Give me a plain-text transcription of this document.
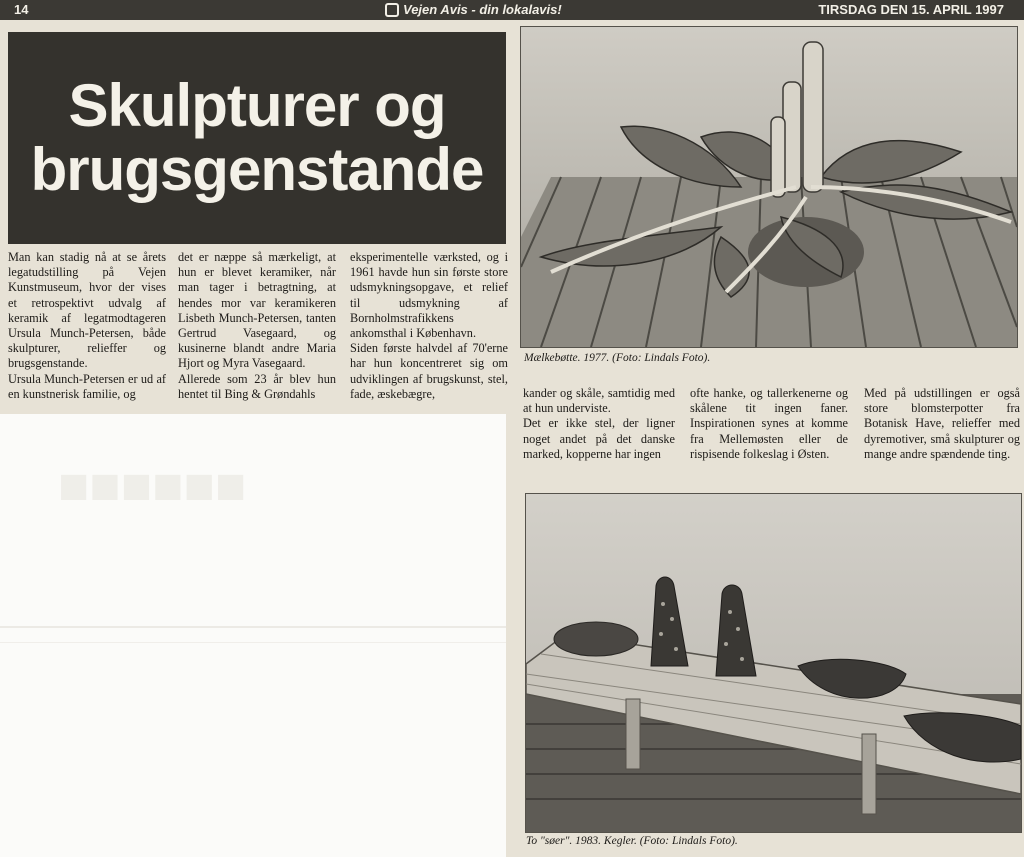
14	Vejen Avis - din lokalavis!	TIRSDAG DEN 15. APRIL 1997
Skulpturer og
brugsgenstande

Man kan stadig nå at se årets legatudstilling på Vejen Kunstmuseum, hvor der vises et retrospektivt udvalg af keramik af legatmodtageren Ursula Munch-Petersen, både skulpturer, relieffer og brugsgenstande.

Ursula Munch-Petersen er ud af en kunstnerisk familie, og

det er næppe så mærkeligt, at hun er blevet keramiker, når man tager i betragtning, at hendes mor var keramikeren Lisbeth Munch-Petersen, tanten Gertrud Vasegaard, og kusinerne blandt andre Maria Hjort og Myra Vasegaard.

Allerede som 23 år blev hun hentet til Bing & Grøndahls

eksperimentelle værksted, og i 1961 havde hun sin første store udsmykningsopgave, et relief til udsmykning af Bornholmstrafikkens ankomsthal i København.

Siden første halvdel af 70'erne har hun koncentreret sig om udviklingen af brugskunst, stel, fade, æskebægre,	kander og skåle, samtidig med at hun underviste.

Det er ikke stel, der ligner noget andet på det danske marked, kopperne har ingen

ofte hanke, og tallerkenerne og skålene tit ingen faner. Inspirationen synes at komme fra Mellemøsten eller de rispisende folkeslag i Østen.

Med på udstillingen er også store blomsterpotter fra Botanisk Have, relieffer med dyremotiver, små skulpturer og mange andre spændende ting.

Mælkebøtte. 1977. (Foto: Lindals Foto).
To "søer". 1983. Kegler. (Foto: Lindals Foto).
■■■■■■
